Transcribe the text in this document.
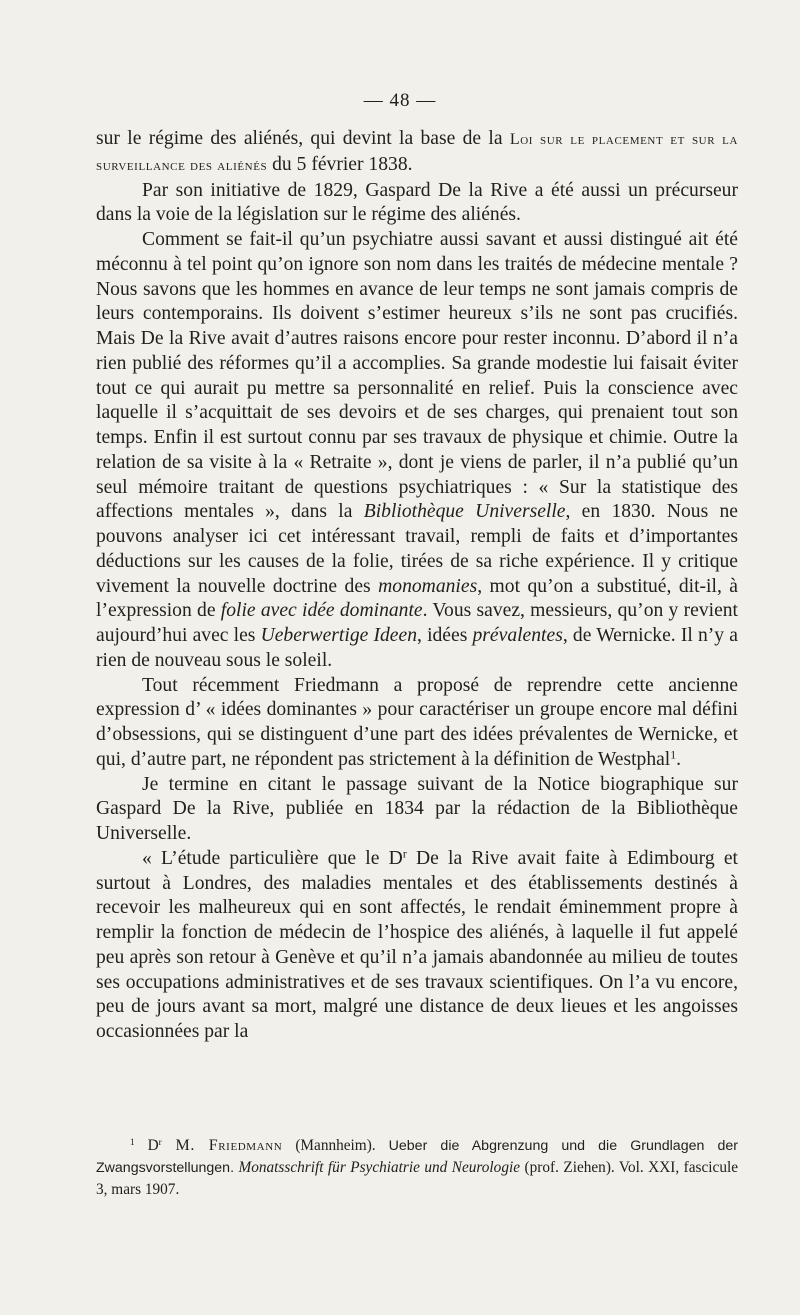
— 48 —

sur le régime des aliénés, qui devint la base de la Loi sur le placement et sur la surveillance des aliénés du 5 février 1838.

Par son initiative de 1829, Gaspard De la Rive a été aussi un précurseur dans la voie de la législation sur le régime des aliénés.

Comment se fait-il qu’un psychiatre aussi savant et aussi distingué ait été méconnu à tel point qu’on ignore son nom dans les traités de médecine mentale ? Nous savons que les hommes en avance de leur temps ne sont jamais compris de leurs contemporains. Ils doivent s’estimer heureux s’ils ne sont pas crucifiés. Mais De la Rive avait d’autres raisons encore pour rester inconnu. D’abord il n’a rien publié des réformes qu’il a accomplies. Sa grande modestie lui faisait éviter tout ce qui aurait pu mettre sa personnalité en relief. Puis la conscience avec laquelle il s’acquittait de ses devoirs et de ses charges, qui prenaient tout son temps. Enfin il est surtout connu par ses travaux de physique et chimie. Outre la relation de sa visite à la « Retraite », dont je viens de parler, il n’a publié qu’un seul mémoire traitant de questions psychiatriques : « Sur la statistique des affections mentales », dans la Bibliothèque Universelle, en 1830. Nous ne pouvons analyser ici cet intéressant travail, rempli de faits et d’importantes déductions sur les causes de la folie, tirées de sa riche expérience. Il y critique vivement la nouvelle doctrine des monomanies, mot qu’on a substitué, dit-il, à l’expression de folie avec idée dominante. Vous savez, messieurs, qu’on y revient aujourd’hui avec les Ueberwertige Ideen, idées prévalentes, de Wernicke. Il n’y a rien de nouveau sous le soleil.

Tout récemment Friedmann a proposé de reprendre cette ancienne expression d’ « idées dominantes » pour caractériser un groupe encore mal défini d’obsessions, qui se distinguent d’une part des idées prévalentes de Wernicke, et qui, d’autre part, ne répondent pas strictement à la définition de Westphal$^1$.

Je termine en citant le passage suivant de la Notice biographique sur Gaspard De la Rive, publiée en 1834 par la rédaction de la Bibliothèque Universelle.

« L’étude particulière que le $D^r$ De la Rive avait faite à Edimbourg et surtout à Londres, des maladies mentales et des établissements destinés à recevoir les malheureux qui en sont affectés, le rendait éminemment propre à remplir la fonction de médecin de l’hospice des aliénés, à laquelle il fut appelé peu après son retour à Genève et qu’il n’a jamais abandonnée au milieu de toutes ses occupations administratives et de ses travaux scientifiques. On l’a vu encore, peu de jours avant sa mort, malgré une distance de deux lieues et les angoisses occasionnées par la

$^1$ $D^r$ M. Friedmann (Mannheim). Ueber die Abgrenzung und die Grundlagen der Zwangsvorstellungen. Monatsschrift für Psychiatrie und Neurologie (prof. Ziehen). Vol. XXI, fascicule 3, mars 1907.
